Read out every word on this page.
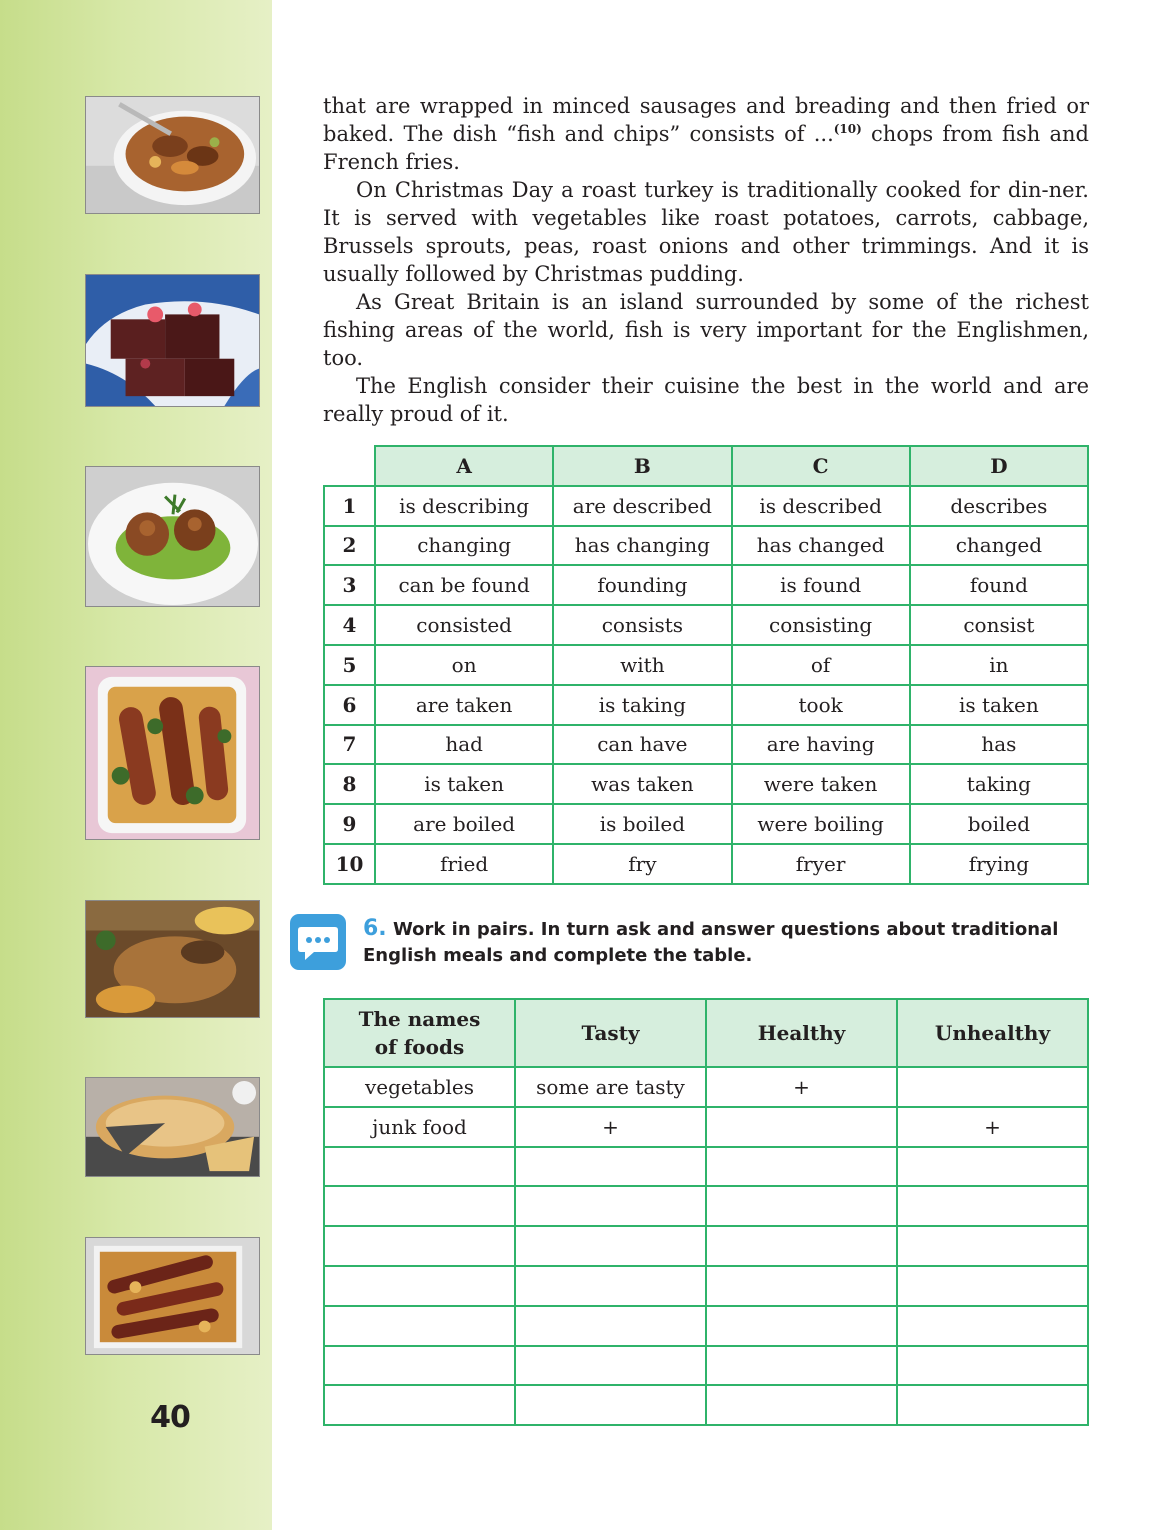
40

that are wrapped in minced sausages and breading and then fried or baked. The dish “fish and chips” consists of ...$^{(10)}$ chops from fish and French fries.

On Christmas Day a roast turkey is traditionally cooked for din-ner. It is served with vegetables like roast potatoes, carrots, cabbage, Brussels sprouts, peas, roast onions and other trimmings. And it is usually followed by Christmas pudding.

As Great Britain is an island surrounded by some of the richest fishing areas of the world, fish is very important for the Englishmen, too.

The English consider their cuisine the best in the world and are really proud of it.

	A	B	C	D
1	is describing	are described	is described	describes
2	changing	has changing	has changed	changed
3	can be found	founding	is found	found
4	consisted	consists	consisting	consist
5	on	with	of	in
6	are taken	is taking	took	is taken
7	had	can have	are having	has
8	is taken	was taken	were taken	taking
9	are boiled	is boiled	were boiling	boiled
10	fried	fry	fryer	frying
6. Work in pairs. In turn ask and answer questions about traditional English meals and complete the table.
The names
of foods	Tasty	Healthy	Unhealthy
vegetables	some are tasty	+	
junk food	+		+
